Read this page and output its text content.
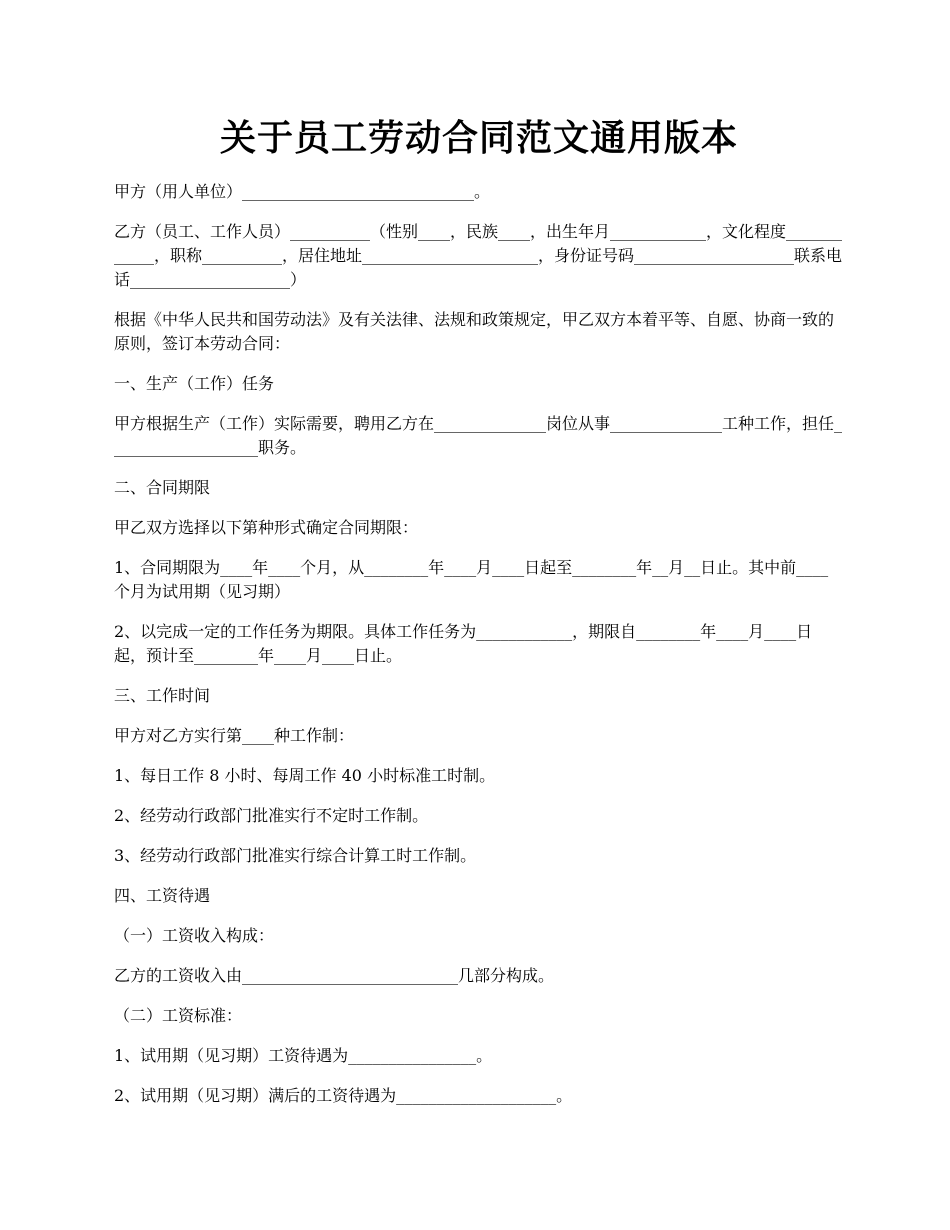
关于员工劳动合同范文通用版本

甲方（用人单位）_____________________________。

乙方（员工、工作人员）__________（性别____，民族____，出生年月____________，文化程度____________，职称__________，居住地址______________________，身份证号码____________________联系电话____________________）

根据《中华人民共和国劳动法》及有关法律、法规和政策规定，甲乙双方本着平等、自愿、协商一致的原则，签订本劳动合同：

一、生产（工作）任务

甲方根据生产（工作）实际需要，聘用乙方在______________岗位从事______________工种工作，担任___________________职务。

二、合同期限

甲乙双方选择以下第种形式确定合同期限：

1、合同期限为____年____个月，从________年____月____日起至________年__月__日止。其中前____个月为试用期（见习期）

2、以完成一定的工作任务为期限。具体工作任务为____________，期限自________年____月____日起，预计至________年____月____日止。

三、工作时间

甲方对乙方实行第____种工作制：

1、每日工作 8 小时、每周工作 40 小时标准工时制。

2、经劳动行政部门批准实行不定时工作制。

3、经劳动行政部门批准实行综合计算工时工作制。

四、工资待遇

（一）工资收入构成：

乙方的工资收入由___________________________几部分构成。

（二）工资标准：

1、试用期（见习期）工资待遇为________________。

2、试用期（见习期）满后的工资待遇为____________________。
